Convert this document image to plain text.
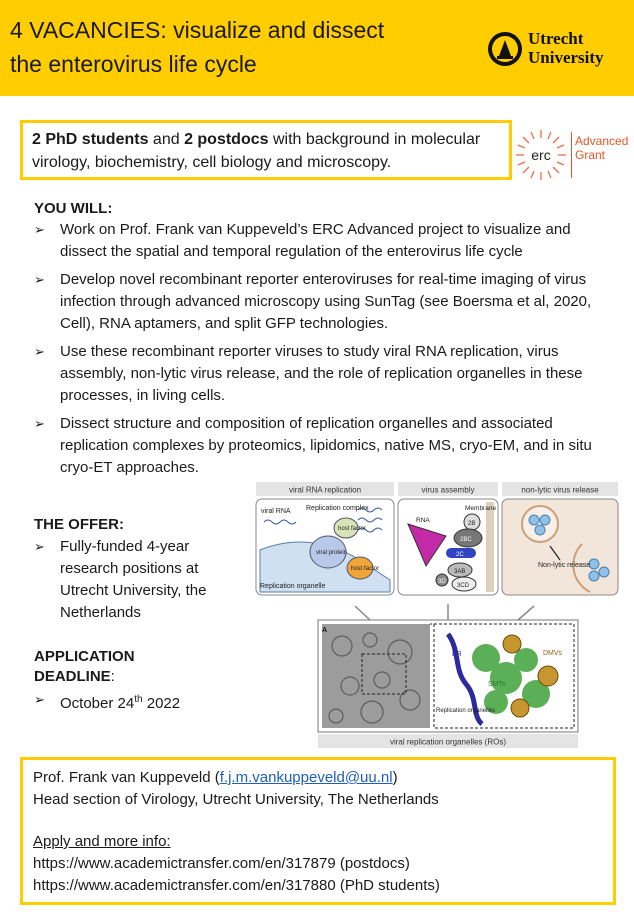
4 VACANCIES: visualize and dissect
the enterovirus life cycle
Utrecht
University
2 PhD students and 2 postdocs with background in molecular virology, biochemistry, cell biology and microscopy.	erc
Advanced
Grant
YOU WILL:
➢ Work on Prof. Frank van Kuppeveld’s ERC Advanced project to visualize and dissect the spatial and temporal regulation of the enterovirus life cycle
➢ Develop novel recombinant reporter enteroviruses for real-time imaging of virus infection through advanced microscopy using SunTag (see Boersma et al, 2020, Cell), RNA aptamers, and split GFP technologies.
➢ Use these recombinant reporter viruses to study viral RNA replication, virus assembly, non-lytic virus release, and the role of replication organelles in these processes, in living cells.
➢ Dissect structure and composition of replication organelles and associated replication complexes by proteomics, lipidomics, native MS, cryo-EM, and in situ cryo-ET approaches.
THE OFFER:
➢ Fully-funded 4-year research positions at Utrecht University, the Netherlands
APPLICATION
DEADLINE:
➢ October 24th 2022
viral RNA replication	virus assembly	non-lytic virus release
viral RNA Replication complex
host factor
viral protein
host factor
Replication organelle
Membrane
RNA	2B
2BC
2C
3AB
3D
3CD
Non-lytic release
A
ER	DMVs
SMTs
Replication organelles
viral replication organelles (ROs)
Prof. Frank van Kuppeveld (f.j.m.vankuppeveld@uu.nl)
Head section of Virology, Utrecht University, The Netherlands
Apply and more info:
https://www.academictransfer.com/en/317879 (postdocs)
https://www.academictransfer.com/en/317880 (PhD students)
